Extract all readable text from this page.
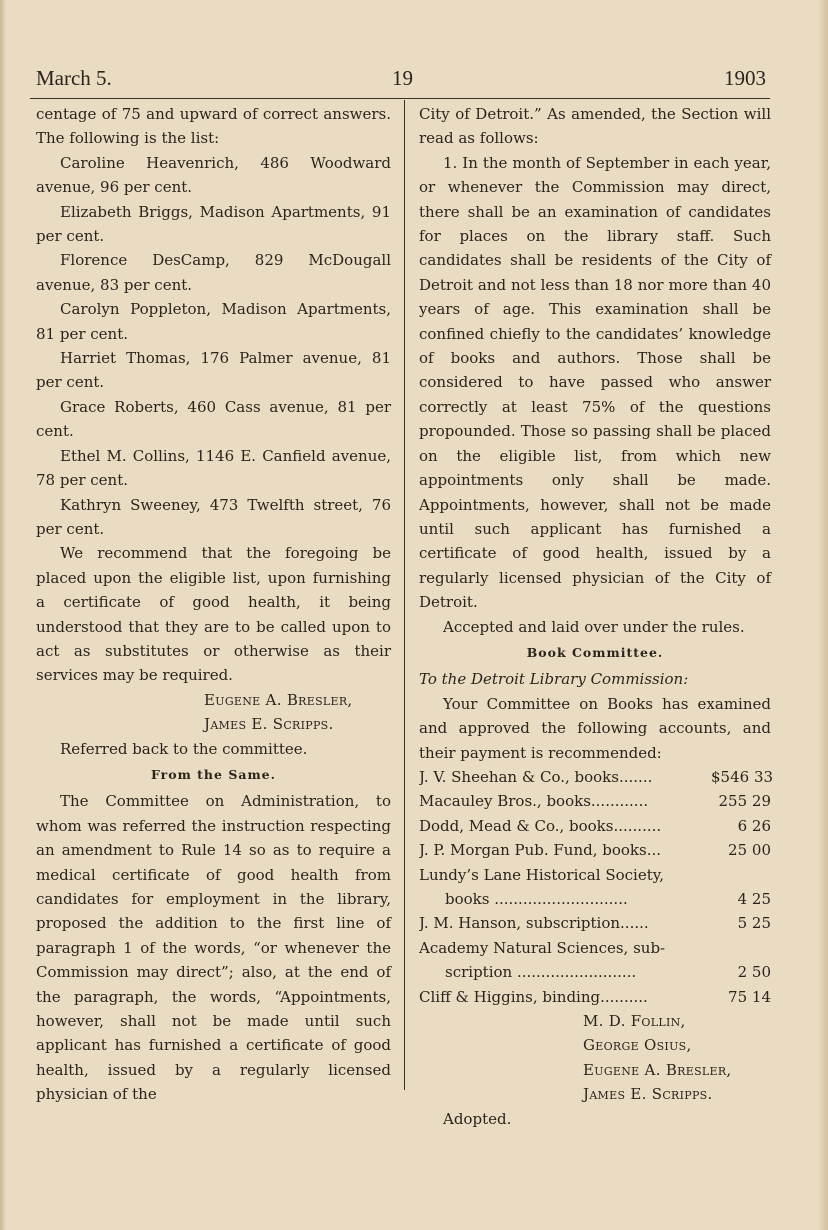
March 5.	19	1903

centage of 75 and upward of correct answers. The following is the list:

Caroline Heavenrich, 486 Woodward avenue, 96 per cent.

Elizabeth Briggs, Madison Apartments, 91 per cent.

Florence DesCamp, 829 McDougall avenue, 83 per cent.

Carolyn Poppleton, Madison Apartments, 81 per cent.

Harriet Thomas, 176 Palmer avenue, 81 per cent.

Grace Roberts, 460 Cass avenue, 81 per cent.

Ethel M. Collins, 1146 E. Canfield avenue, 78 per cent.

Kathryn Sweeney, 473 Twelfth street, 76 per cent.

We recommend that the foregoing be placed upon the eligible list, upon furnishing a certificate of good health, it being understood that they are to be called upon to act as substitutes or otherwise as their services may be required.

Eugene A. Bresler,

James E. Scripps.

Referred back to the committee.

From the Same.

The Committee on Administration, to whom was referred the instruction respecting an amendment to Rule 14 so as to require a medical certificate of good health from candidates for employment in the library, proposed the addition to the first line of paragraph 1 of the words, “or whenever the Commission may direct”; also, at the end of the paragraph, the words, “Appointments, however, shall not be made until such applicant has furnished a certificate of good health, issued by a regularly licensed physician of the

City of Detroit.” As amended, the Section will read as follows:

1. In the month of September in each year, or whenever the Commission may direct, there shall be an examination of candidates for places on the library staff. Such candidates shall be residents of the City of Detroit and not less than 18 nor more than 40 years of age. This examination shall be confined chiefly to the candidates’ knowledge of books and authors. Those shall be considered to have passed who answer correctly at least 75% of the questions propounded. Those so passing shall be placed on the eligible list, from which new appointments only shall be made. Appointments, however, shall not be made until such applicant has furnished a certificate of good health, issued by a regularly licensed physician of the City of Detroit.

Accepted and laid over under the rules.

Book Committee.

To the Detroit Library Commission:

Your Committee on Books has examined and approved the following accounts, and their payment is recommended:

J. V. Sheehan & Co., books.......	$546 33
Macauley Bros., books............	255 29
Dodd, Mead & Co., books..........	6 26
J. P. Morgan Pub. Fund, books...	25 00

Lundy’s Lane Historical Society,

books ............................	4 25
J. M. Hanson, subscription......	5 25

Academy Natural Sciences, sub-

scription .........................	2 50
Cliff & Higgins, binding..........	75 14

M. D. Follin,

George Osius,

Eugene A. Bresler,

James E. Scripps.

Adopted.
